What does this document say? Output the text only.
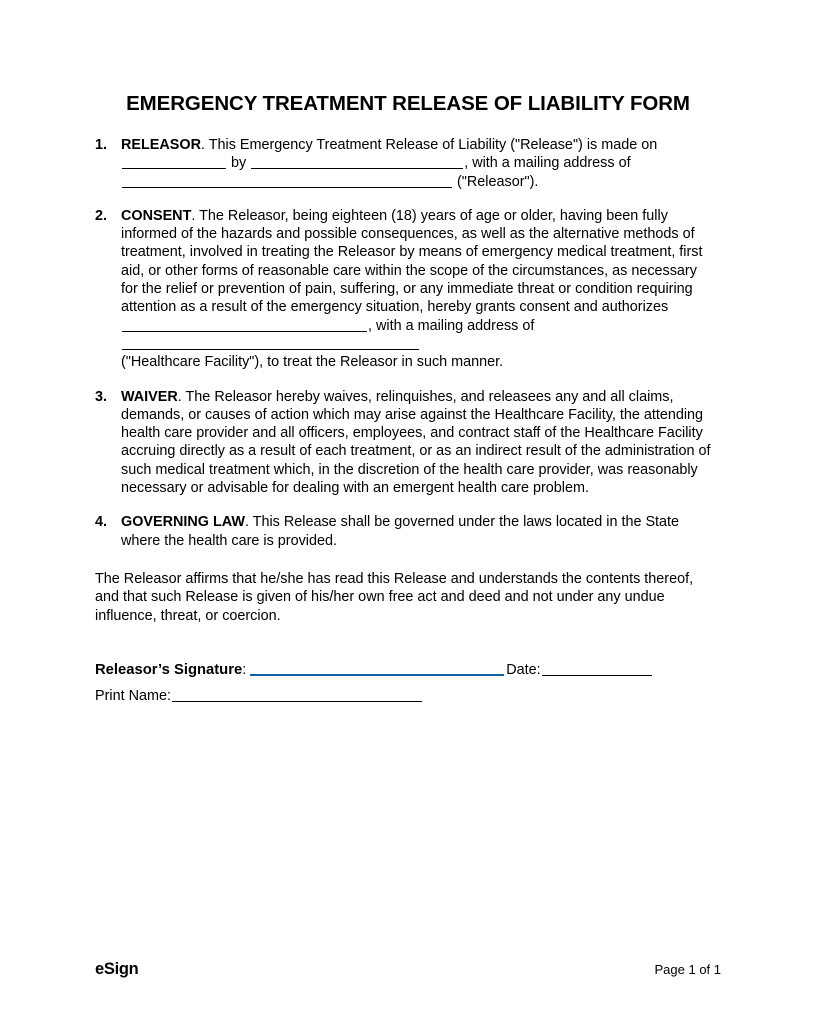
EMERGENCY TREATMENT RELEASE OF LIABILITY FORM
1. RELEASOR. This Emergency Treatment Release of Liability ("Release") is made on  by	, with a mailing address of
("Releasor").
2. CONSENT. The Releasor, being eighteen (18) years of age or older, having been fully informed of the hazards and possible consequences, as well as the alternative methods of treatment, involved in treating the Releasor by means of emergency medical treatment, first aid, or other forms of reasonable care within the scope of the circumstances, as necessary for the relief or prevention of pain, suffering, or any immediate threat or condition requiring attention as a result of the emergency situation, hereby grants consent and authorizes , with a mailing address of
("Healthcare Facility"), to treat the Releasor in such manner.
3. WAIVER. The Releasor hereby waives, relinquishes, and releasees any and all claims, demands, or causes of action which may arise against the Healthcare Facility, the attending health care provider and all officers, employees, and contract staff of the Healthcare Facility accruing directly as a result of each treatment, or as an indirect result of the administration of such medical treatment which, in the discretion of the health care provider, was reasonably necessary or advisable for dealing with an emergent health care problem.
4. GOVERNING LAW. This Release shall be governed under the laws located in the State where the health care is provided.
The Releasor affirms that he/she has read this Release and understands the contents thereof, and that such Release is given of his/her own free act and deed and not under any undue influence, threat, or coercion.
Releasor’s Signature:	Date:
Print Name:
eSign	Page 1 of 1
